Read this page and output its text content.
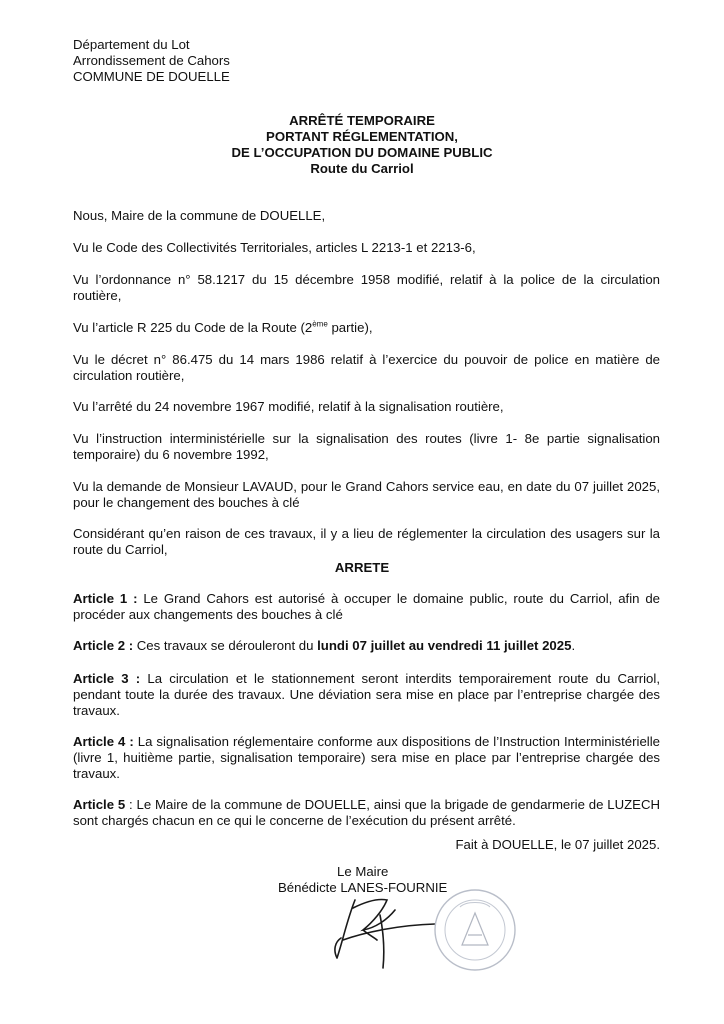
Département du Lot
Arrondissement de Cahors
COMMUNE DE DOUELLE
ARRÊTÉ TEMPORAIRE
PORTANT RÉGLEMENTATION,
DE L’OCCUPATION DU DOMAINE PUBLIC
Route du Carriol
Nous, Maire de la commune de DOUELLE,
Vu le Code des Collectivités Territoriales, articles L 2213-1 et 2213-6,
Vu l’ordonnance n° 58.1217 du 15 décembre 1958 modifié, relatif à la police de la circulation routière,
Vu l’article R 225 du Code de la Route (2ème partie),
Vu le décret n° 86.475 du 14 mars 1986 relatif à l’exercice du pouvoir de police en matière de circulation routière,
Vu l’arrêté du 24 novembre 1967 modifié, relatif à la signalisation routière,
Vu l’instruction interministérielle sur la signalisation des routes (livre 1- 8e partie signalisation temporaire) du 6 novembre 1992,
Vu la demande de Monsieur LAVAUD, pour le Grand Cahors service eau, en date du 07 juillet 2025, pour le changement des bouches à clé
Considérant qu’en raison de ces travaux, il y a lieu de réglementer la circulation des usagers sur la route du Carriol,
ARRETE
Article 1 : Le Grand Cahors est autorisé à occuper le domaine public, route du Carriol, afin de procéder aux changements des bouches à clé
Article 2 : Ces travaux se dérouleront du lundi 07 juillet au vendredi 11 juillet 2025.
Article 3 : La circulation et le stationnement seront interdits temporairement route du Carriol, pendant toute la durée des travaux. Une déviation sera mise en place par l’entreprise chargée des travaux.
Article 4 : La signalisation réglementaire conforme aux dispositions de l’Instruction Interministérielle (livre 1, huitième partie, signalisation temporaire) sera mise en place par l’entreprise chargée des travaux.
Article 5 : Le Maire de la commune de DOUELLE, ainsi que la brigade de gendarmerie de LUZECH sont chargés chacun en ce qui le concerne de l’exécution du présent arrêté.
Fait à DOUELLE, le 07 juillet 2025.
Le Maire
Bénédicte LANES-FOURNIE
